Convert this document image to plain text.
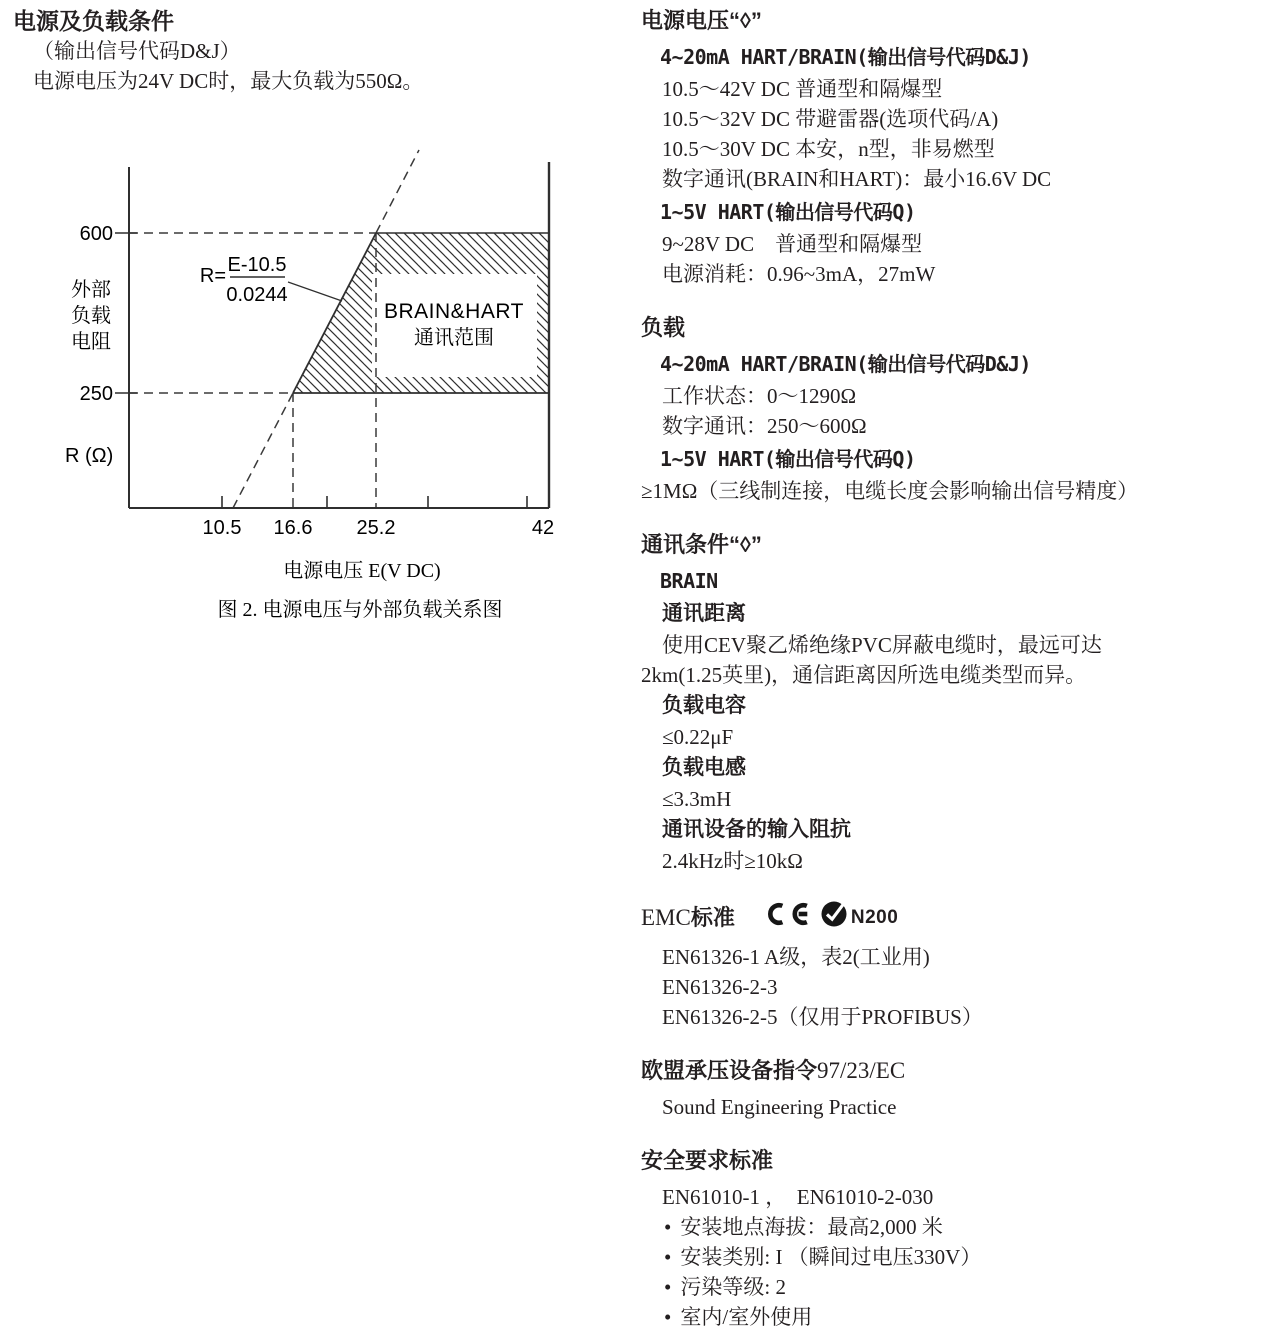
电源及负载条件
（输出信号代码D&J）
电源电压为24V DC时，最大负载为550Ω。
R= E-10.5
0.0244
BRAIN&HART
通讯范围
600
250
外部
负载
电阻
R (Ω)
10.5 16.6 25.2	42
电源电压 E(V DC)
图 2. 电源电压与外部负载关系图
电源电压“◊”
4~20mA HART/BRAIN(输出信号代码D&J)
10.5～42V DC 普通型和隔爆型
10.5～32V DC 带避雷器(选项代码/A)
10.5～30V DC 本安，n型，非易燃型
数字通讯(BRAIN和HART)：最小16.6V DC
1~5V HART(输出信号代码Q)
9~28V DC　普通型和隔爆型
电源消耗：0.96~3mA，27mW
负载
4~20mA HART/BRAIN(输出信号代码D&J)
工作状态：0～1290Ω
数字通讯：250～600Ω
1~5V HART(输出信号代码Q)
≥1MΩ（三线制连接，电缆长度会影响输出信号精度）
通讯条件“◊”
BRAIN
通讯距离
使用CEV聚乙烯绝缘PVC屏蔽电缆时，最远可达
2km(1.25英里)，通信距离因所选电缆类型而异。
负载电容
≤0.22μF
负载电感
≤3.3mH
通讯设备的输入阻抗
2.4kHz时≥10kΩ
EMC 标准	N200
EN61326-1 A级，表2(工业用)
EN61326-2-3
EN61326-2-5（仅用于PROFIBUS）
欧盟承压设备指令97/23/EC
Sound Engineering Practice
安全要求标准
EN61010-1 ，　EN61010-2-030
• 安装地点海拔：最高2,000 米
• 安装类别: I （瞬间过电压330V）
• 污染等级: 2
• 室内/室外使用
